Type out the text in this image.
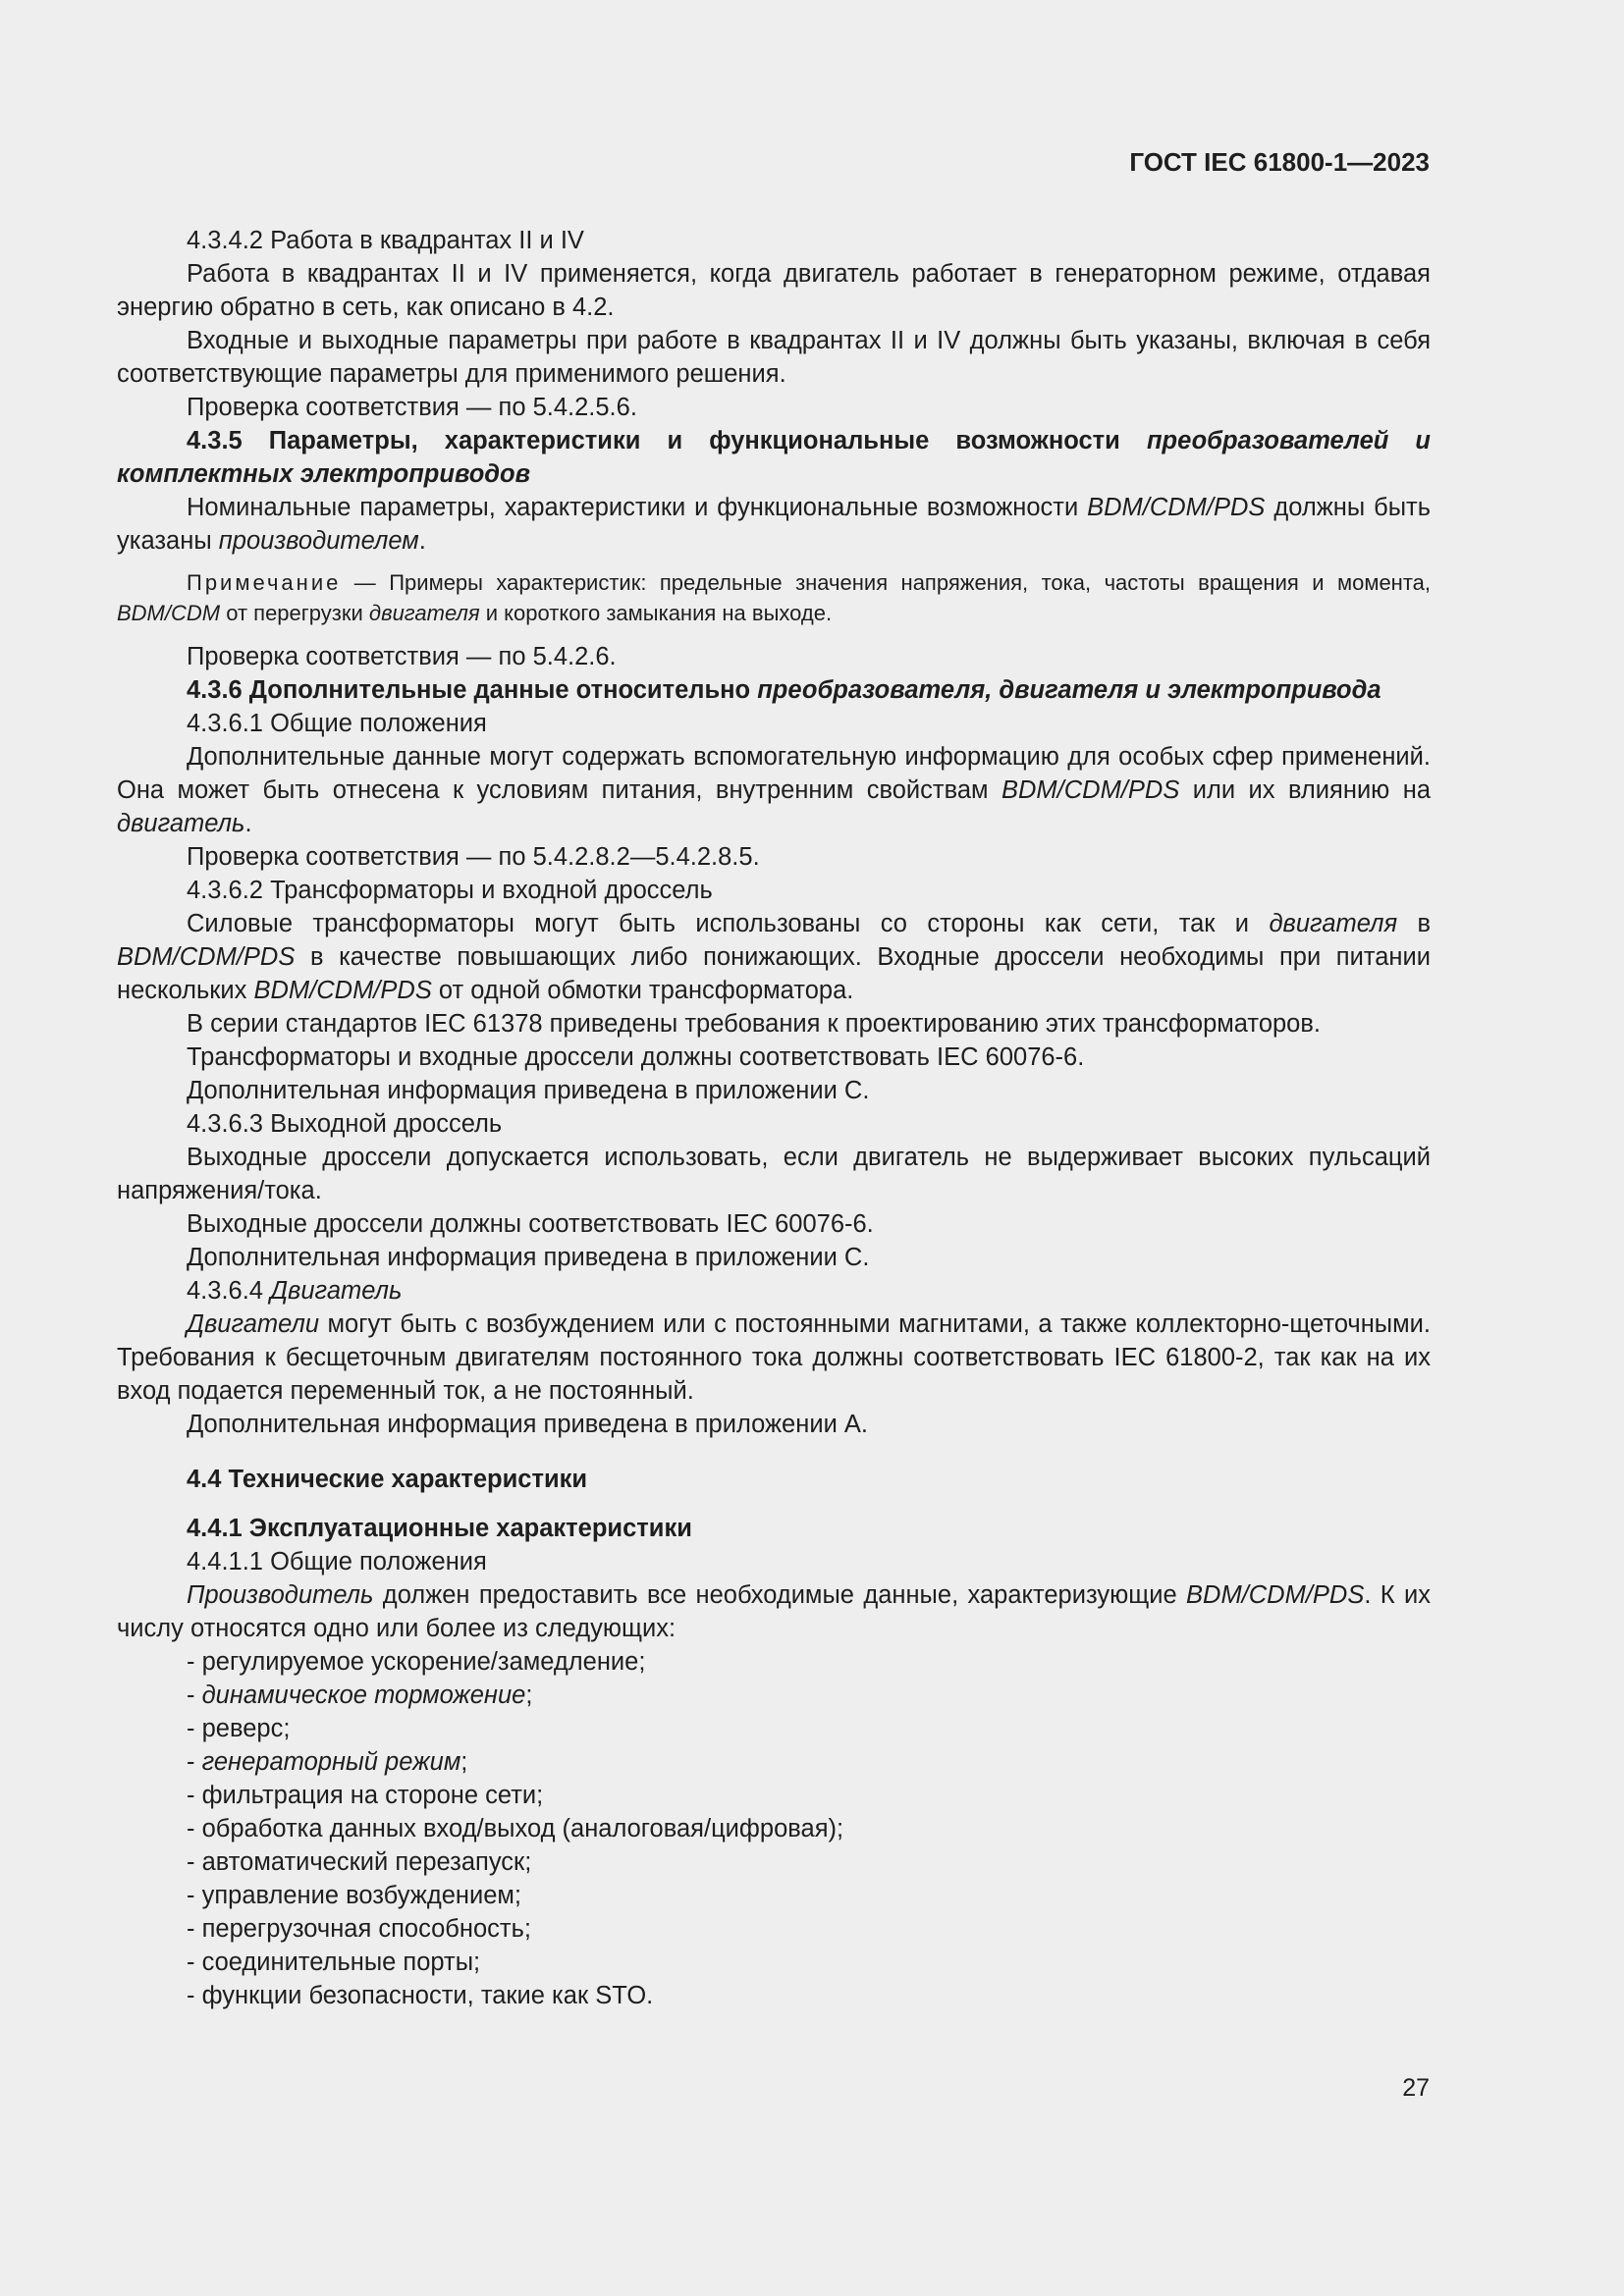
ГОСТ IEC 61800-1—2023

4.3.4.2 Работа в квадрантах II и IV

Работа в квадрантах II и IV применяется, когда двигатель работает в генераторном режиме, отдавая энергию обратно в сеть, как описано в 4.2.

Входные и выходные параметры при работе в квадрантах II и IV должны быть указаны, включая в себя соответствующие параметры для применимого решения.

Проверка соответствия — по 5.4.2.5.6.

4.3.5 Параметры, характеристики и функциональные возможности преобразователей и комплектных электроприводов

Номинальные параметры, характеристики и функциональные возможности BDM/CDM/PDS должны быть указаны производителем.

Примечание — Примеры характеристик: предельные значения напряжения, тока, частоты вращения и момента, BDM/CDM от перегрузки двигателя и короткого замыкания на выходе.

Проверка соответствия — по 5.4.2.6.

4.3.6 Дополнительные данные относительно преобразователя, двигателя и электропривода

4.3.6.1 Общие положения

Дополнительные данные могут содержать вспомогательную информацию для особых сфер применений. Она может быть отнесена к условиям питания, внутренним свойствам BDM/CDM/PDS или их влиянию на двигатель.

Проверка соответствия — по 5.4.2.8.2—5.4.2.8.5.

4.3.6.2 Трансформаторы и входной дроссель

Силовые трансформаторы могут быть использованы со стороны как сети, так и двигателя в BDM/CDM/PDS в качестве повышающих либо понижающих. Входные дроссели необходимы при питании нескольких BDM/CDM/PDS от одной обмотки трансформатора.

В серии стандартов IEC 61378 приведены требования к проектированию этих трансформаторов.

Трансформаторы и входные дроссели должны соответствовать IEC 60076-6.

Дополнительная информация приведена в приложении С.

4.3.6.3 Выходной дроссель

Выходные дроссели допускается использовать, если двигатель не выдерживает высоких пульсаций напряжения/тока.

Выходные дроссели должны соответствовать IEC 60076-6.

Дополнительная информация приведена в приложении С.

4.3.6.4 Двигатель

Двигатели могут быть с возбуждением или с постоянными магнитами, а также коллекторно-щеточными. Требования к бесщеточным двигателям постоянного тока должны соответствовать IEC 61800-2, так как на их вход подается переменный ток, а не постоянный.

Дополнительная информация приведена в приложении А.

4.4 Технические характеристики

4.4.1 Эксплуатационные характеристики

4.4.1.1 Общие положения

Производитель должен предоставить все необходимые данные, характеризующие BDM/CDM/PDS. К их числу относятся одно или более из следующих:

- регулируемое ускорение/замедление;

- динамическое торможение;

- реверс;

- генераторный режим;

- фильтрация на стороне сети;

- обработка данных вход/выход (аналоговая/цифровая);

- автоматический перезапуск;

- управление возбуждением;

- перегрузочная способность;

- соединительные порты;

- функции безопасности, такие как STO.

27
